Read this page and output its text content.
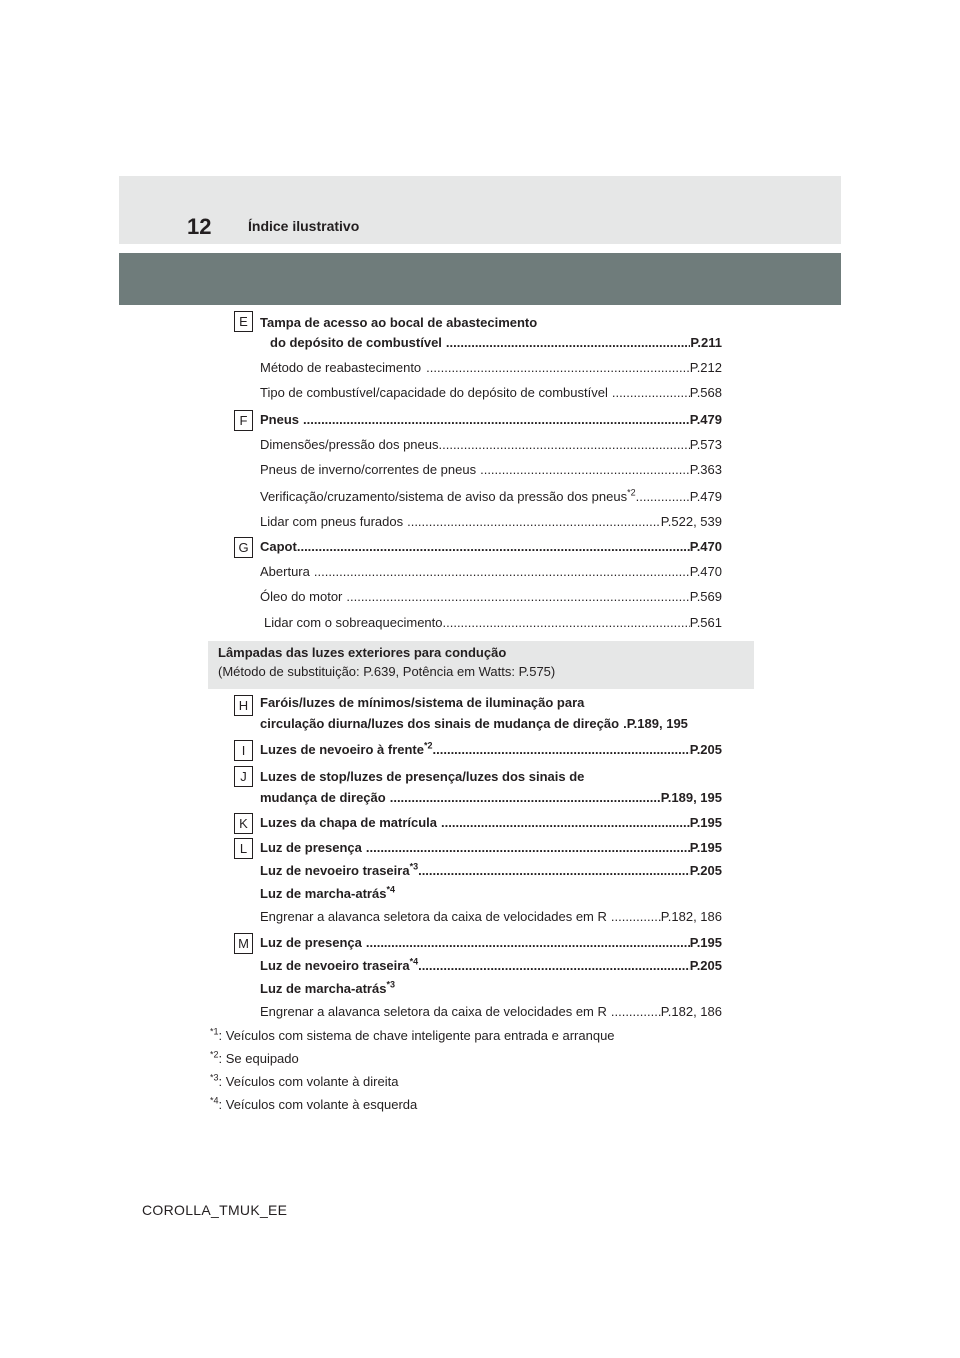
12	Índice ilustrativo
E Tampa de acesso ao bocal de abastecimento
do depósito de combustível .....	P.211
Método de reabastecimento .....	P.212
Tipo de combustível/capacidade do depósito de combustível .....	P.568
F Pneus .....	P.479
Dimensões/pressão dos pneus .....	P.573
Pneus de inverno/correntes de pneus .....	P.363
Verificação/cruzamento/sistema de aviso da pressão dos pneus$^{*2}$ .....	P.479
Lidar com pneus furados .....	P.522, 539
G Capot .....	P.470
Abertura .....	P.470
Óleo do motor .....	P.569
Lidar com o sobreaquecimento .....	P.561
Lâmpadas das luzes exteriores para condução
(Método de substituição: P.639, Potência em Watts: P.575)
H Faróis/luzes de mínimos/sistema de iluminação para
circulação diurna/luzes dos sinais de mudança de direção .P.189, 195
I	Luzes de nevoeiro à frente$^{*2}$ .....	P.205
J	Luzes de stop/luzes de presença/luzes dos sinais de
mudança de direção .....	P.189, 195
K Luzes da chapa de matrícula .....	P.195
L Luz de presença .....	P.195
Luz de nevoeiro traseira$^{*3}$ .....	P.205
Luz de marcha-atrás$^{*4}$
Engrenar a alavanca seletora da caixa de velocidades em R .....	P.182, 186
M Luz de presença .....	P.195
Luz de nevoeiro traseira$^{*4}$ .....	P.205
Luz de marcha-atrás$^{*3}$
Engrenar a alavanca seletora da caixa de velocidades em R .....	P.182, 186
$^{*1}$: Veículos com sistema de chave inteligente para entrada e arranque
$^{*2}$: Se equipado
$^{*3}$: Veículos com volante à direita
$^{*4}$: Veículos com volante à esquerda
COROLLA_TMUK_EE
